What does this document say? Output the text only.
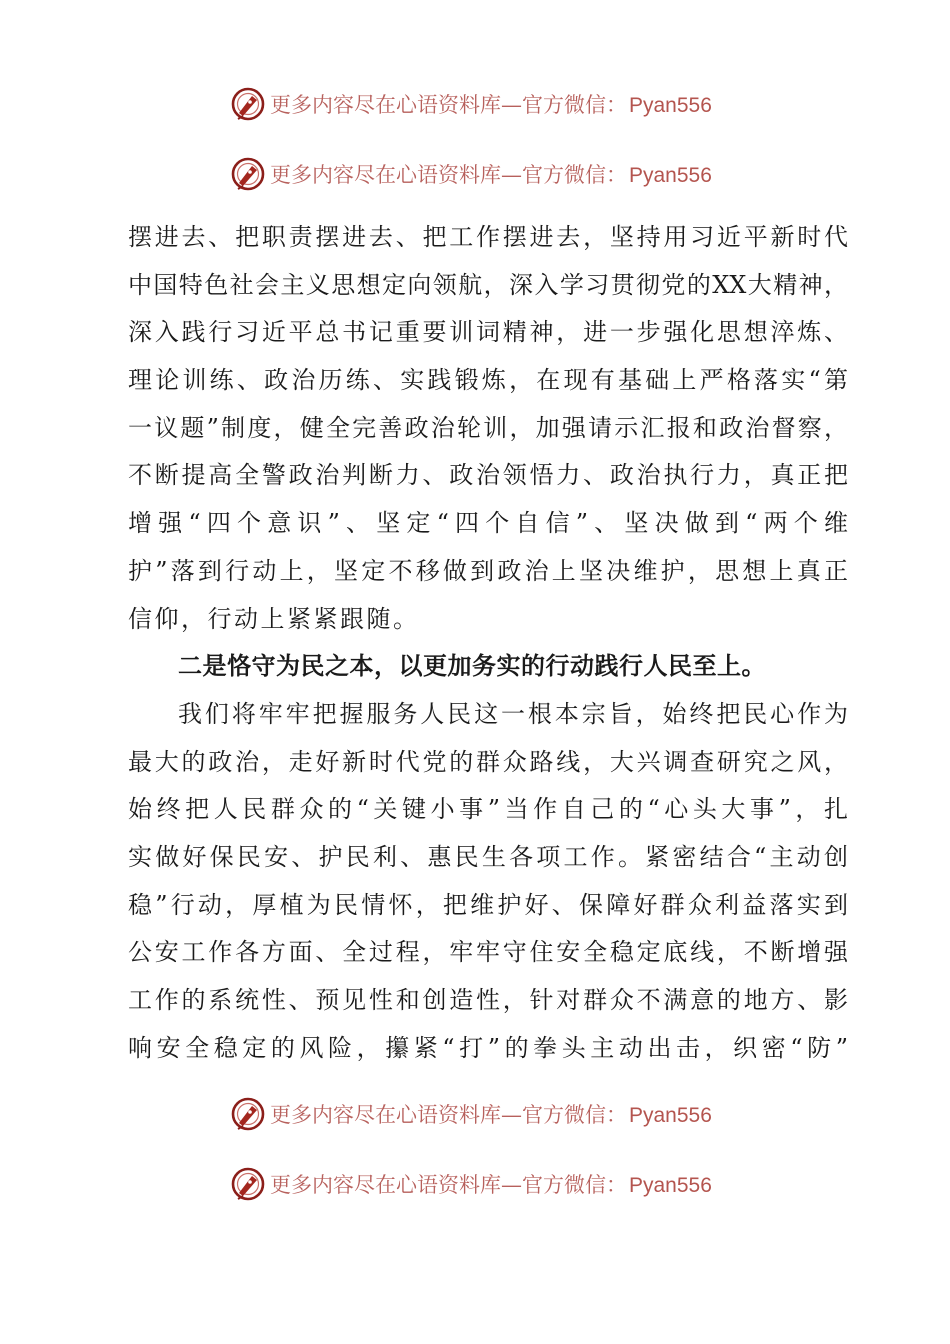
更多内容尽在心语资料库—官方微信：Pyan556
更多内容尽在心语资料库—官方微信：Pyan556
摆进去、把职责摆进去、把工作摆进去，坚持用习近平新时代
中国特色社会主义思想定向领航，深入学习贯彻党的XX大精神，
深入践行习近平总书记重要训词精神，进一步强化思想淬炼、
理论训练、政治历练、实践锻炼，在现有基础上严格落实“第
一议题”制度，健全完善政治轮训，加强请示汇报和政治督察，
不断提高全警政治判断力、政治领悟力、政治执行力，真正把
增强“四个意识”、坚定“四个自信”、坚决做到“两个维
护”落到行动上，坚定不移做到政治上坚决维护，思想上真正
信仰，行动上紧紧跟随。
二是恪守为民之本，以更加务实的行动践行人民至上。
我们将牢牢把握服务人民这一根本宗旨，始终把民心作为
最大的政治，走好新时代党的群众路线，大兴调查研究之风，
始终把人民群众的“关键小事”当作自己的“心头大事”，扎
实做好保民安、护民利、惠民生各项工作。紧密结合“主动创
稳”行动，厚植为民情怀，把维护好、保障好群众利益落实到
公安工作各方面、全过程，牢牢守住安全稳定底线，不断增强
工作的系统性、预见性和创造性，针对群众不满意的地方、影
响安全稳定的风险，攥紧“打”的拳头主动出击，织密“防”
更多内容尽在心语资料库—官方微信：Pyan556
更多内容尽在心语资料库—官方微信：Pyan556
